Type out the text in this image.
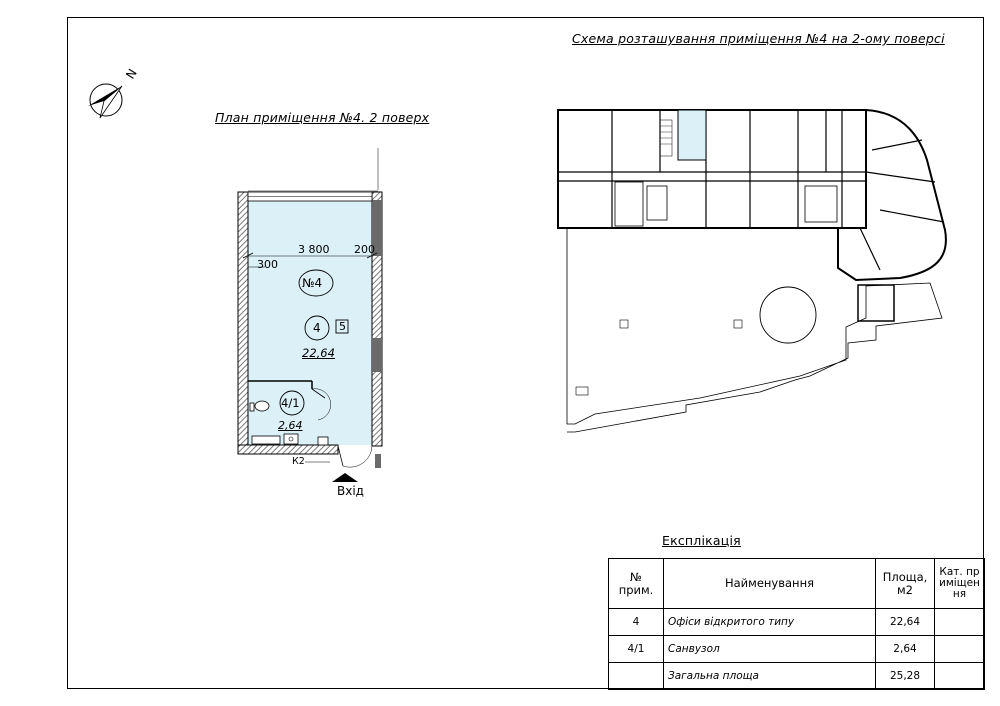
План приміщення №4. 2 поверх
Схема розташування приміщення №4 на 2-ому поверсі
Експлікація
3 800 200
300
№4
4 5
22,64
4/1
2,64
К2
Вхід
N
№ прим.	Найменування	Площа, м2	Кат. приміщення
4	Офіси відкритого типу	22,64	
4/1	Санвузол	2,64	
	Загальна площа	25,28	
